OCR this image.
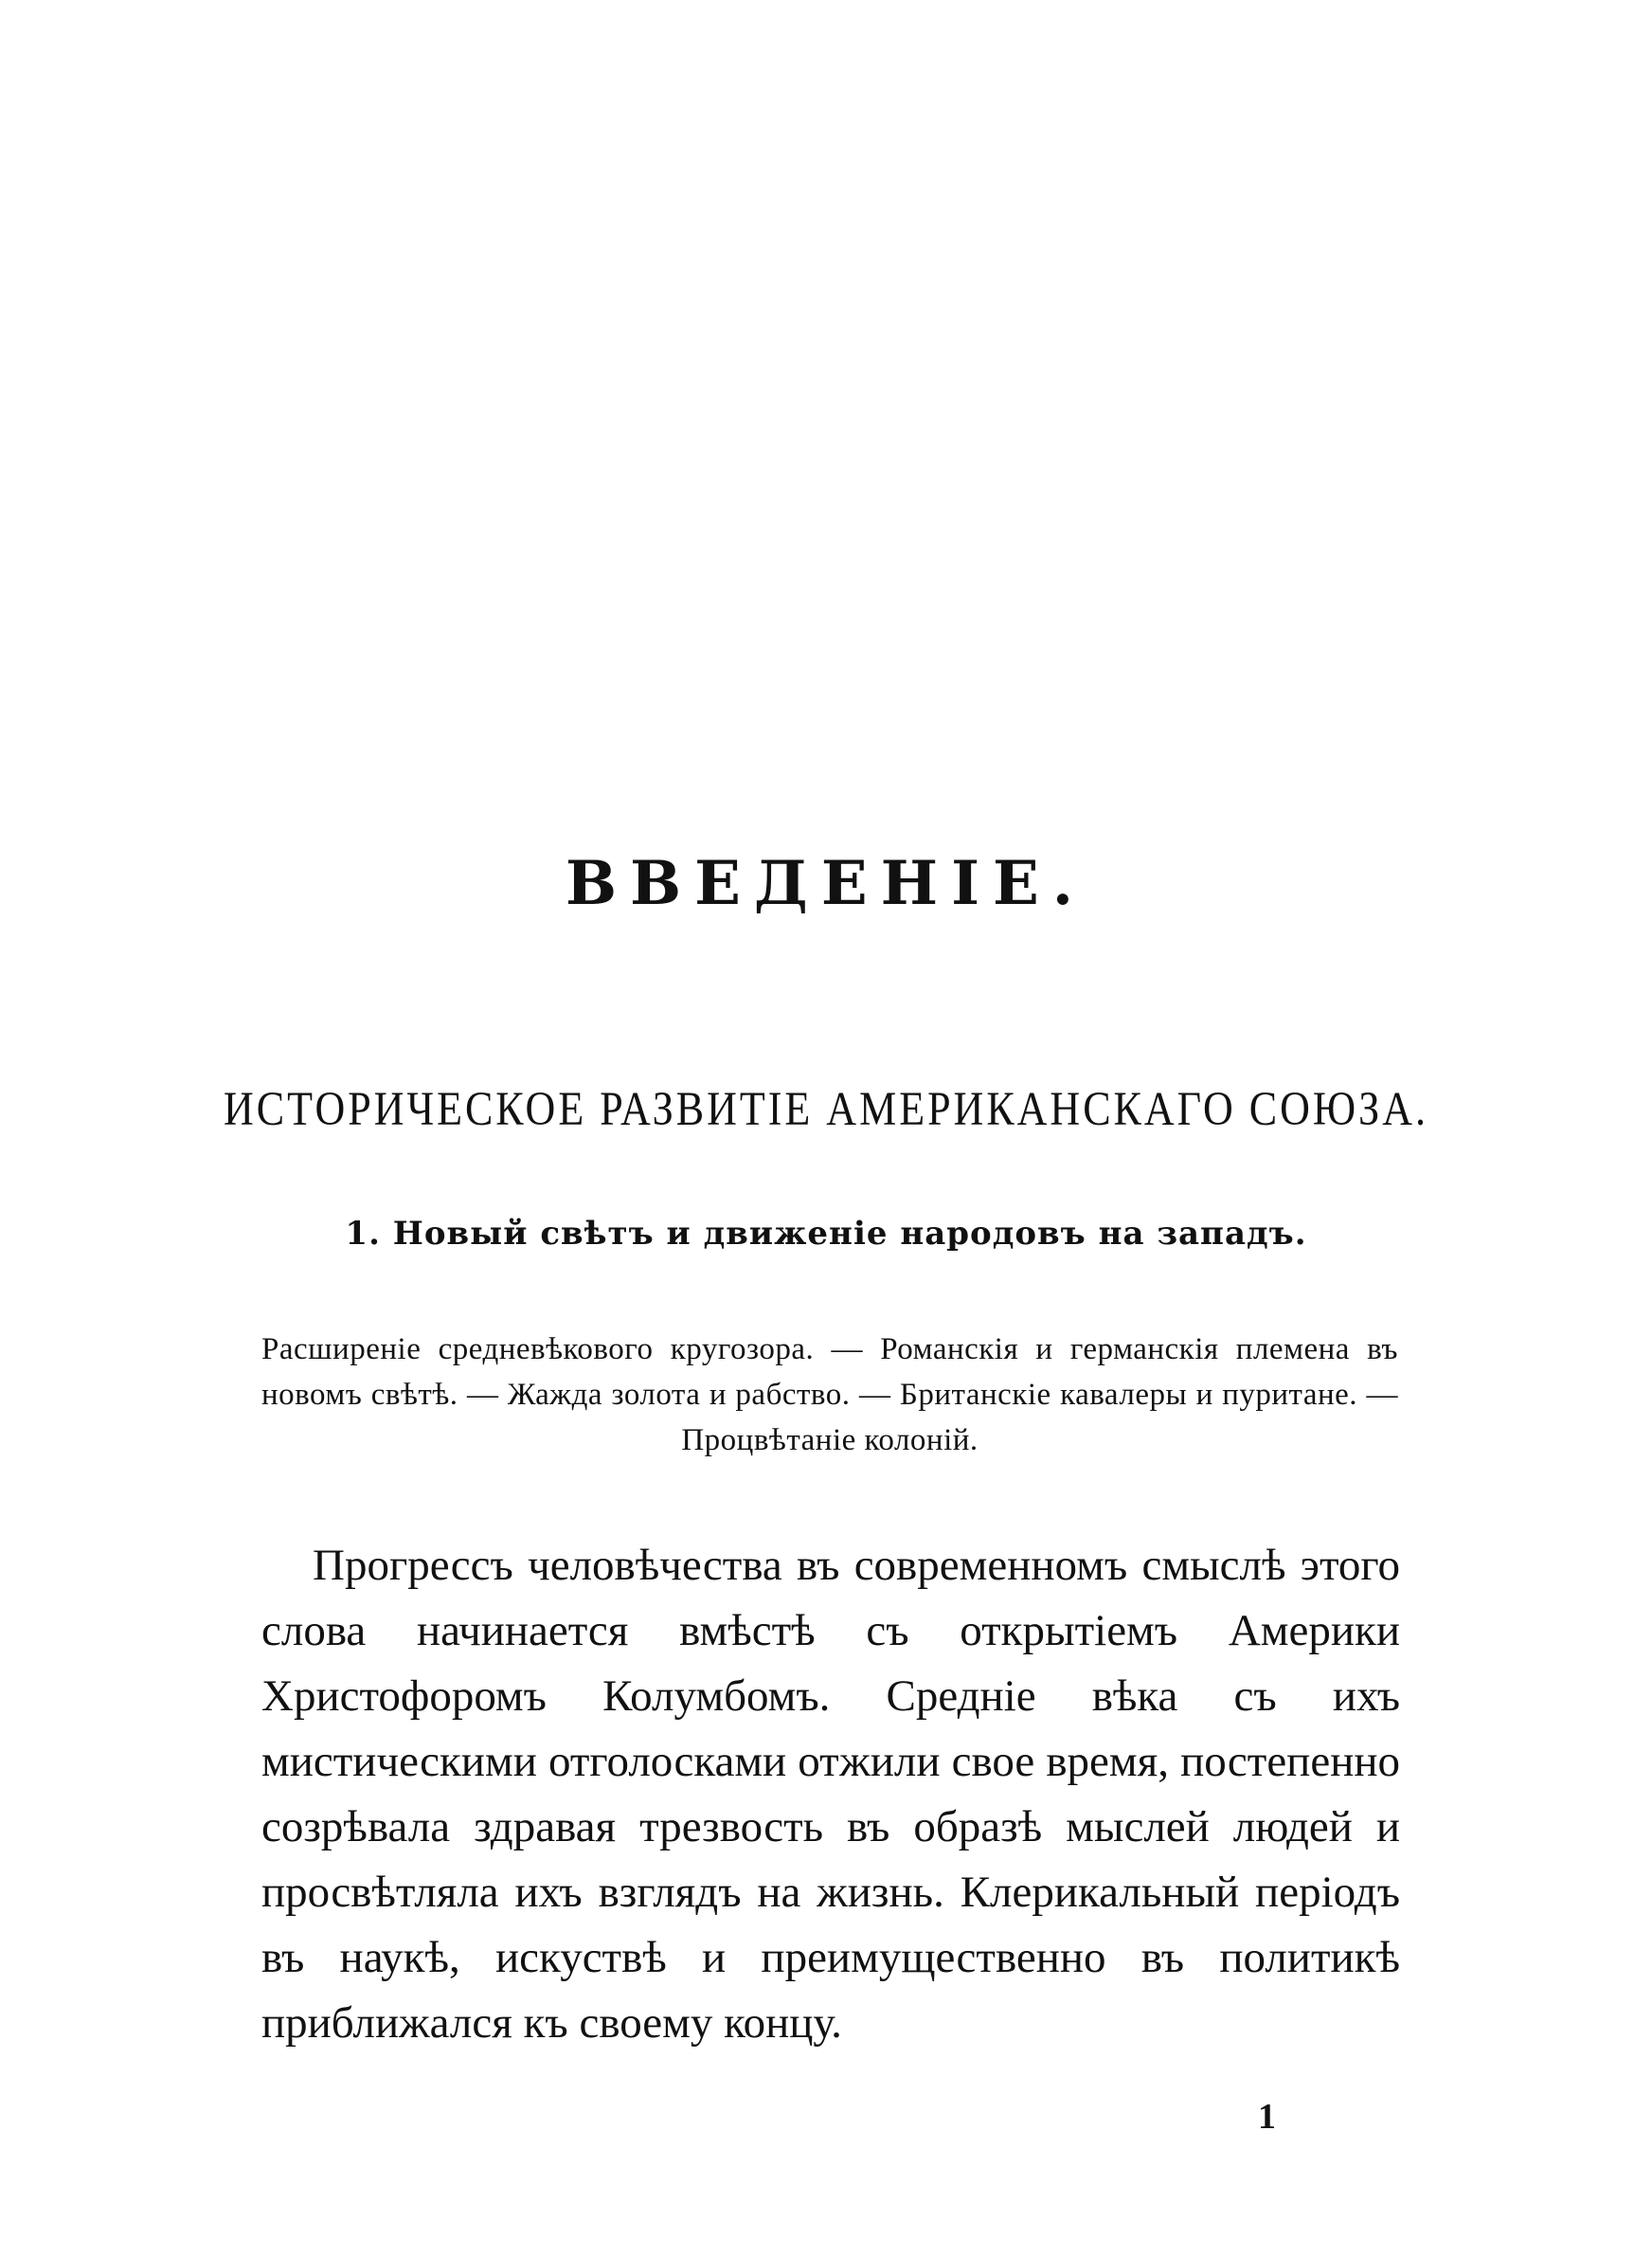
ВВЕДЕНІЕ.
ИСТОРИЧЕСКОЕ РАЗВИТІЕ АМЕРИКАНСКАГО СОЮЗА.
1. Новый свѣтъ и движеніе народовъ на западъ.

Расширеніе средневѣкового кругозора. — Романскія и германскія племена въ новомъ свѣтѣ. — Жажда золота и рабство. — Британскіе кавалеры и пуритане. — Процвѣтаніе колоній.

Прогрессъ человѣчества въ современномъ смыслѣ этого слова начинается вмѣстѣ съ открытіемъ Америки Христофоромъ Колумбомъ. Средніе вѣка съ ихъ мистическими отголосками отжили свое время, постепенно созрѣвала здравая трезвость въ образѣ мыслей людей и просвѣтляла ихъ взглядъ на жизнь. Клерикальный періодъ въ наукѣ, искуствѣ и преимущественно въ политикѣ приближался къ своему концу.

1
